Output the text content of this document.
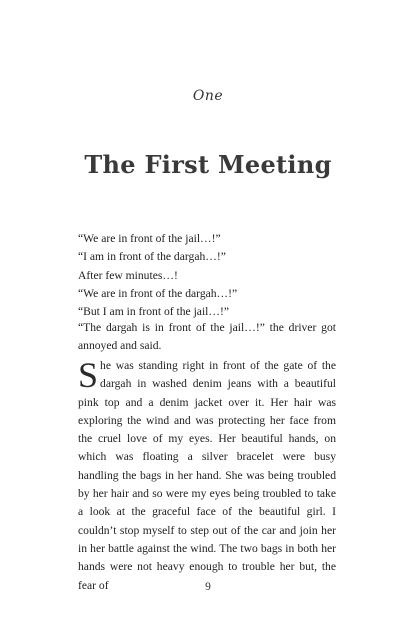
One
The First Meeting
“We are in front of the jail…!”
“I am in front of the dargah…!”
After few minutes…!
“We are in front of the dargah…!”
“But I am in front of the jail…!”

“The dargah is in front of the jail…!” the driver got annoyed and said.

She was standing right in front of the gate of the dargah in washed denim jeans with a beautiful pink top and a denim jacket over it. Her hair was exploring the wind and was protecting her face from the cruel love of my eyes. Her beautiful hands, on which was floating a silver bracelet were busy handling the bags in her hand. She was being troubled by her hair and so were my eyes being troubled to take a look at the graceful face of the beautiful girl. I couldn’t stop myself to step out of the car and join her in her battle against the wind. The two bags in both her hands were not heavy enough to trouble her but, the fear of	9
